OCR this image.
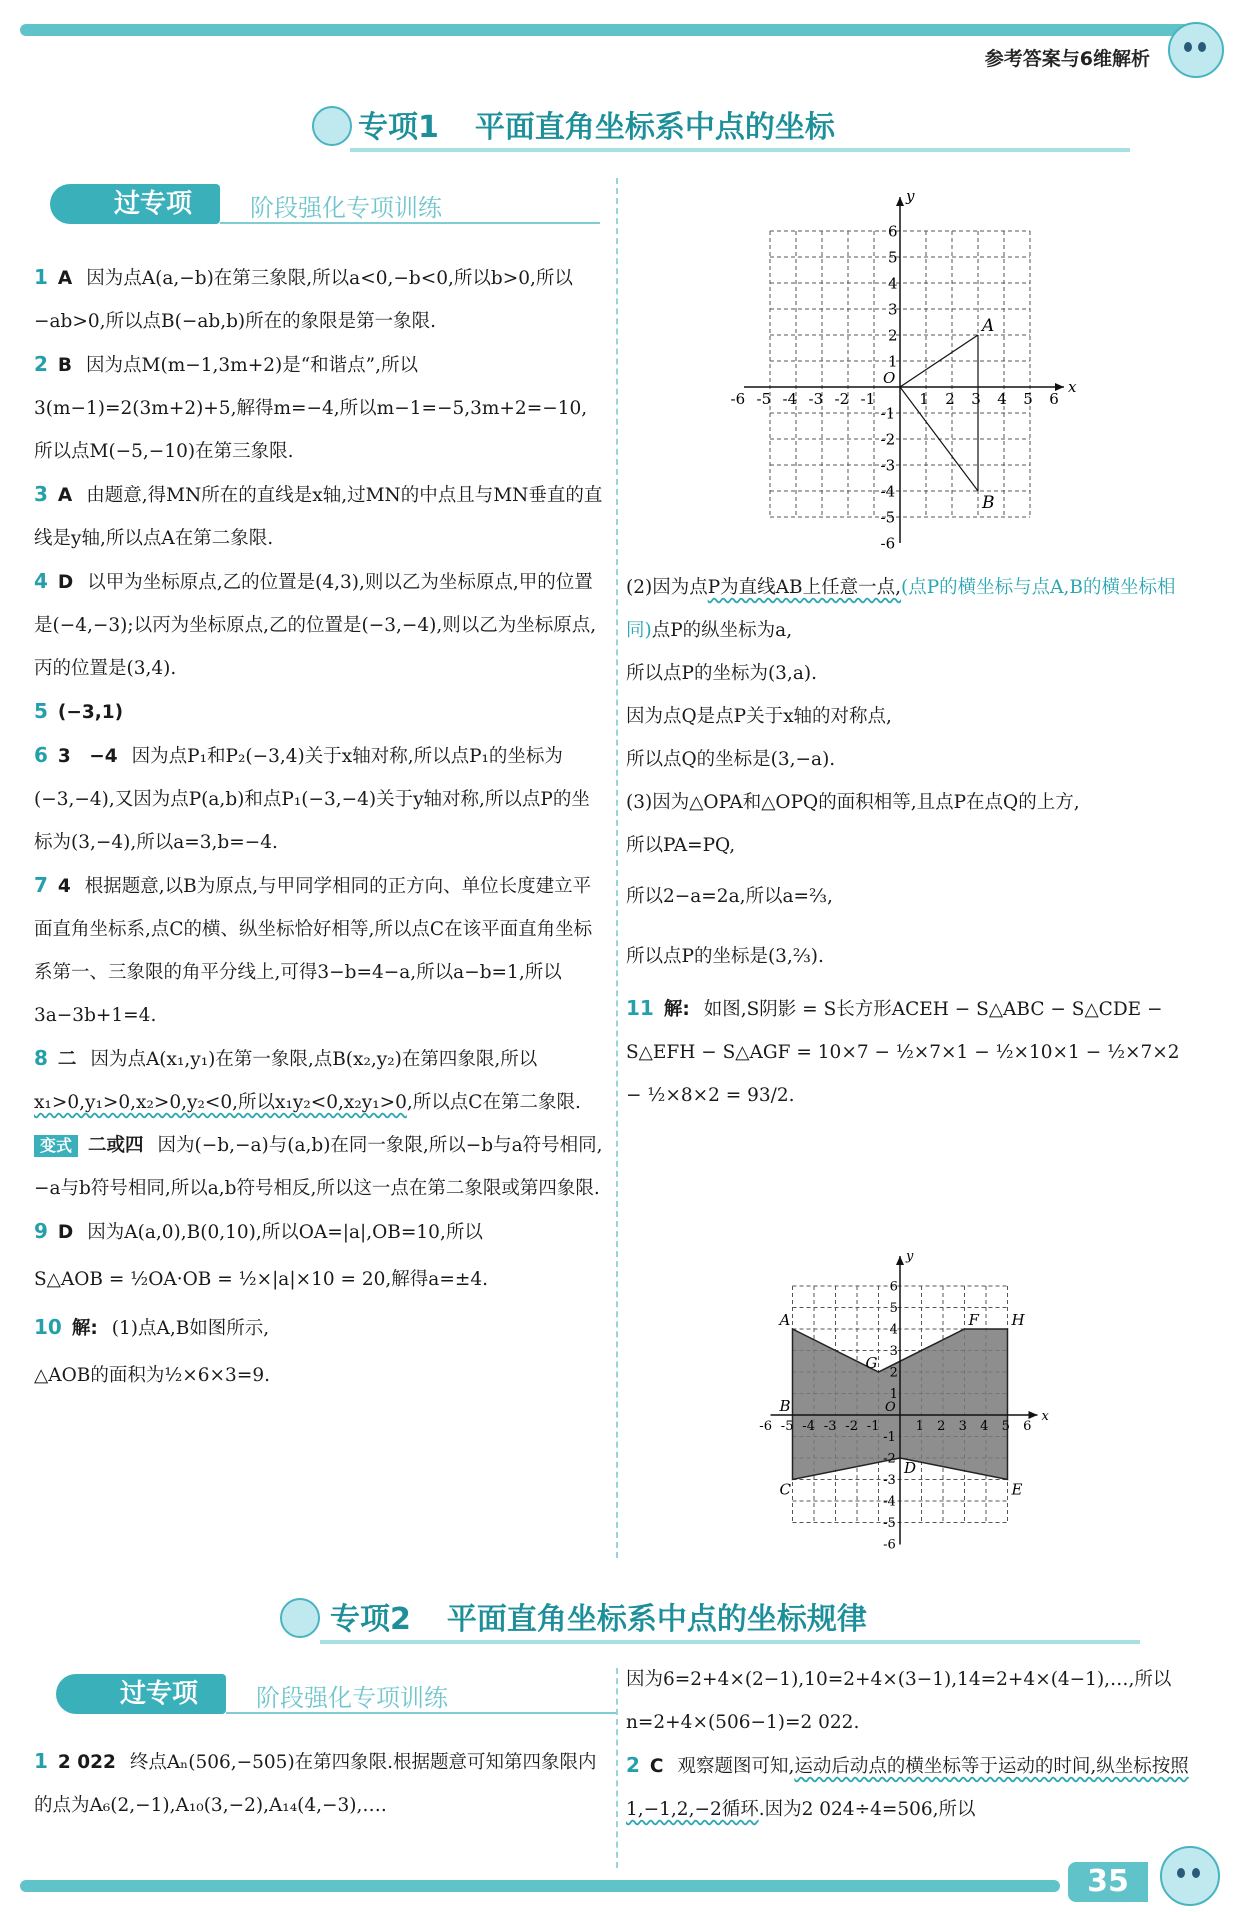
参考答案与6维解析
专项1 平面直角坐标系中点的坐标
过专项	阶段强化专项训练

1 A 因为点A(a,−b)在第三象限,所以a<0,−b<0,所以b>0,所以−ab>0,所以点B(−ab,b)所在的象限是第一象限.

2 B 因为点M(m−1,3m+2)是“和谐点”,所以3(m−1)=2(3m+2)+5,解得m=−4,所以m−1=−5,3m+2=−10,所以点M(−5,−10)在第三象限.

3 A 由题意,得MN所在的直线是x轴,过MN的中点且与MN垂直的直线是y轴,所以点A在第二象限.

4 D 以甲为坐标原点,乙的位置是(4,3),则以乙为坐标原点,甲的位置是(−4,−3);以丙为坐标原点,乙的位置是(−3,−4),则以乙为坐标原点,丙的位置是(3,4).

5 (−3,1)

6 3　−4 因为点P₁和P₂(−3,4)关于x轴对称,所以点P₁的坐标为(−3,−4),又因为点P(a,b)和点P₁(−3,−4)关于y轴对称,所以点P的坐标为(3,−4),所以a=3,b=−4.

7 4 根据题意,以B为原点,与甲同学相同的正方向、单位长度建立平面直角坐标系,点C的横、纵坐标恰好相等,所以点C在该平面直角坐标系第一、三象限的角平分线上,可得3−b=4−a,所以a−b=1,所以3a−3b+1=4.

8 二 因为点A(x₁,y₁)在第一象限,点B(x₂,y₂)在第四象限,所以x₁>0,y₁>0,x₂>0,y₂<0,所以x₁y₂<0,x₂y₁>0,所以点C在第二象限.

变式 二或四 因为(−b,−a)与(a,b)在同一象限,所以−b与a符号相同,−a与b符号相同,所以a,b符号相反,所以这一点在第二象限或第四象限.

9 D 因为A(a,0),B(0,10),所以OA=|a|,OB=10,所以

S△AOB = ½OA·OB = ½×|a|×10 = 20,解得a=±4.

10 解: (1)点A,B如图所示,

△AOB的面积为½×6×3=9.

x
y
O
-6 -5 -4 -3 -2 -1	1 2 3 4 5 6
6
5
4
3
2
1
-1
-2
-3
-4
-5
-6
A
B

(2)因为点P为直线AB上任意一点,(点P的横坐标与点A,B的横坐标相同)点P的纵坐标为a,

所以点P的坐标为(3,a).

因为点Q是点P关于x轴的对称点,

所以点Q的坐标是(3,−a).

(3)因为△OPA和△OPQ的面积相等,且点P在点Q的上方,

所以PA=PQ,

所以2−a=2a,所以a=⅔,

所以点P的坐标是(3,⅔).

11 解: 如图,S阴影 = S长方形ACEH − S△ABC − S△CDE − S△EFH − S△AGF = 10×7 − ½×7×1 − ½×10×1 − ½×7×2 − ½×8×2 = 93/2.

x
y
O
-6 -5 -4 -3 -2 -1	1 2 3 4 5 6
6
5
4
3
2
1
-1
-2
-3
-4
-5
-6
A
G
F H
E
D
C
B
专项2 平面直角坐标系中点的坐标规律
过专项	阶段强化专项训练

1 2 022 终点Aₙ(506,−505)在第四象限.根据题意可知第四象限内的点为A₆(2,−1),A₁₀(3,−2),A₁₄(4,−3),….

因为6=2+4×(2−1),10=2+4×(3−1),14=2+4×(4−1),…,所以n=2+4×(506−1)=2 022.

2 C 观察题图可知,运动后动点的横坐标等于运动的时间,纵坐标按照1,−1,2,−2循环.因为2 024÷4=506,所以

35
